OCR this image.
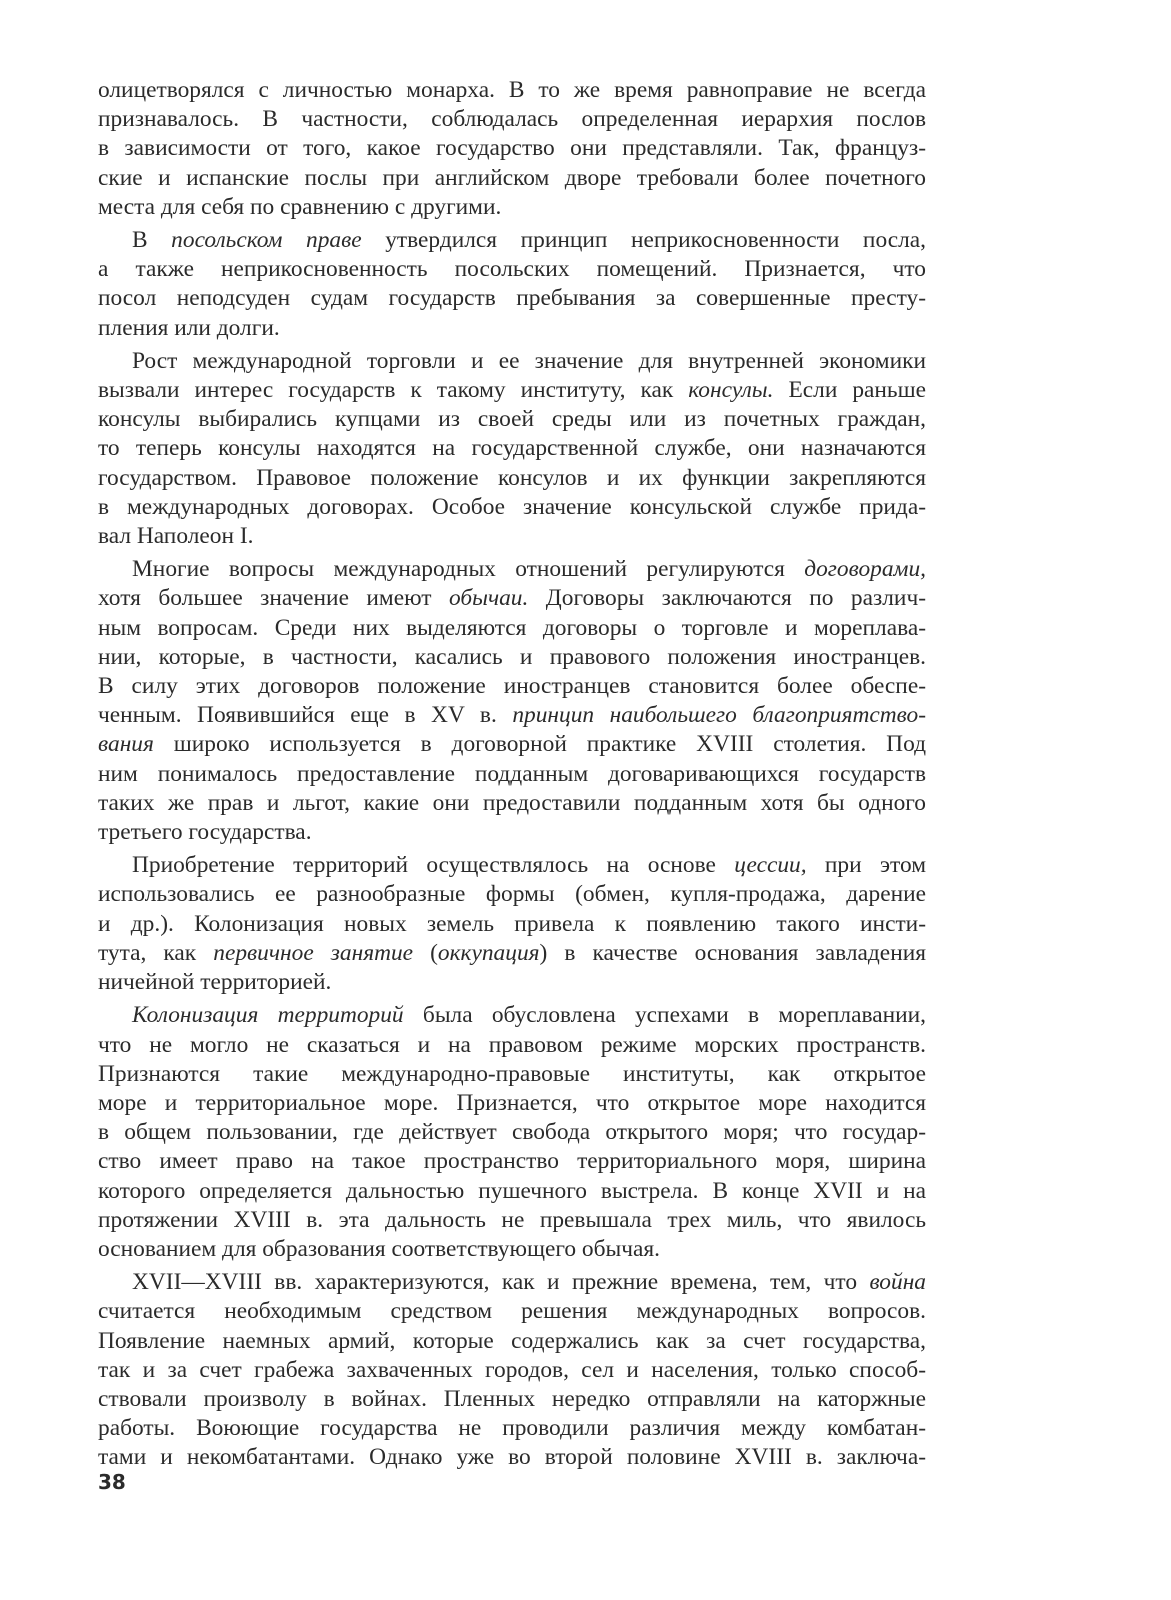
олицетворялся с личностью монарха. В то же время равноправие не всегда
признавалось. В частности, соблюдалась определенная иерархия послов
в зависимости от того, какое государство они представляли. Так, француз-
ские и испанские послы при английском дворе требовали более почетного
места для себя по сравнению с другими.
В посольском праве утвердился принцип неприкосновенности посла,
а также неприкосновенность посольских помещений. Признается, что
посол неподсуден судам государств пребывания за совершенные престу-
пления или долги.
Рост международной торговли и ее значение для внутренней экономики
вызвали интерес государств к такому институту, как консулы. Если раньше
консулы выбирались купцами из своей среды или из почетных граждан,
то теперь консулы находятся на государственной службе, они назначаются
государством. Правовое положение консулов и их функции закрепляются
в международных договорах. Особое значение консульской службе прида-
вал Наполеон I.
Многие вопросы международных отношений регулируются договорами,
хотя большее значение имеют обычаи. Договоры заключаются по различ-
ным вопросам. Среди них выделяются договоры о торговле и мореплава-
нии, которые, в частности, касались и правового положения иностранцев.
В силу этих договоров положение иностранцев становится более обеспе-
ченным. Появившийся еще в XV в. принцип наибольшего благоприятство-
вания широко используется в договорной практике XVIII столетия. Под
ним понималось предоставление подданным договаривающихся государств
таких же прав и льгот, какие они предоставили подданным хотя бы одного
третьего государства.
Приобретение территорий осуществлялось на основе цессии, при этом
использовались ее разнообразные формы (обмен, купля-продажа, дарение
и др.). Колонизация новых земель привела к появлению такого инсти-
тута, как первичное занятие (оккупация) в качестве основания завладения
ничейной территорией.
Колонизация территорий была обусловлена успехами в мореплавании,
что не могло не сказаться и на правовом режиме морских пространств.
Признаются такие международно-правовые институты, как открытое
море и территориальное море. Признается, что открытое море находится
в общем пользовании, где действует свобода открытого моря; что государ-
ство имеет право на такое пространство территориального моря, ширина
которого определяется дальностью пушечного выстрела. В конце XVII и на
протяжении XVIII в. эта дальность не превышала трех миль, что явилось
основанием для образования соответствующего обычая.
XVII—XVIII вв. характеризуются, как и прежние времена, тем, что война
считается необходимым средством решения международных вопросов.
Появление наемных армий, которые содержались как за счет государства,
так и за счет грабежа захваченных городов, сел и населения, только способ-
ствовали произволу в войнах. Пленных нередко отправляли на каторжные
работы. Воюющие государства не проводили различия между комбатан-
тами и некомбатантами. Однако уже во второй половине XVIII в. заключа-
38
